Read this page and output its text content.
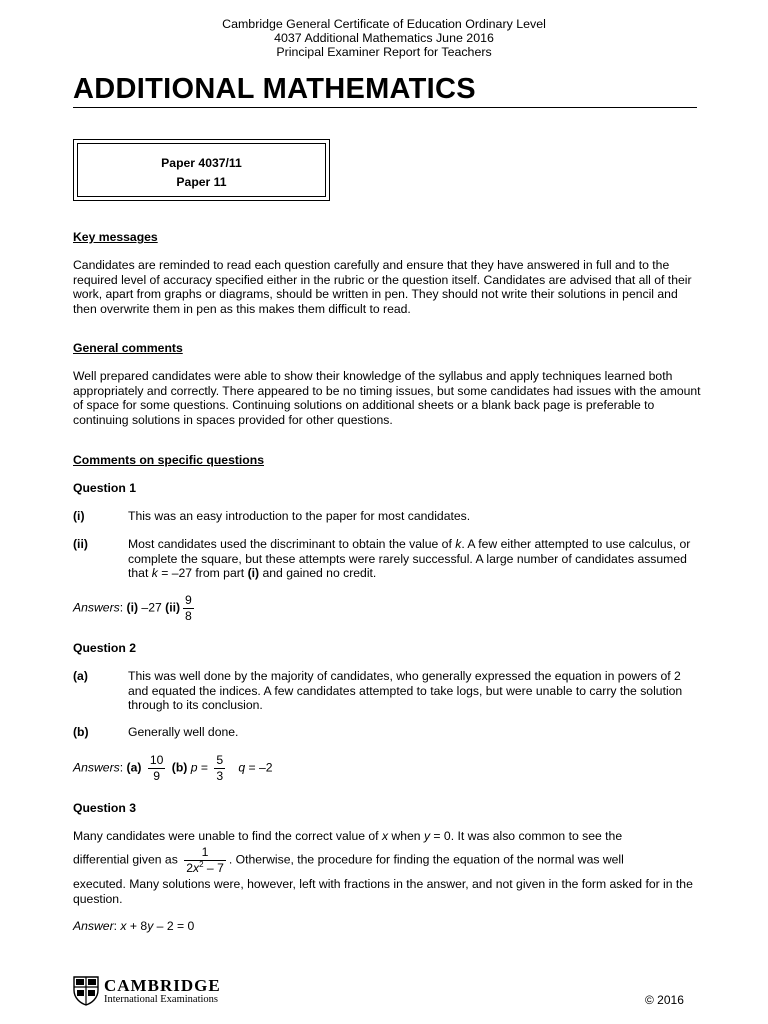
Cambridge General Certificate of Education Ordinary Level
4037 Additional Mathematics June 2016
Principal Examiner Report for Teachers
ADDITIONAL MATHEMATICS
Paper 4037/11
Paper 11
Key messages
Candidates are reminded to read each question carefully and ensure that they have answered in full and to the required level of accuracy specified either in the rubric or the question itself. Candidates are advised that all of their work, apart from graphs or diagrams, should be written in pen. They should not write their solutions in pencil and then overwrite them in pen as this makes them difficult to read.
General comments
Well prepared candidates were able to show their knowledge of the syllabus and apply techniques learned both appropriately and correctly. There appeared to be no timing issues, but some candidates had issues with the amount of space for some questions. Continuing solutions on additional sheets or a blank back page is preferable to continuing solutions in spaces provided for other questions.
Comments on specific questions
Question 1
(i)	This was an easy introduction to the paper for most candidates.
(ii)	Most candidates used the discriminant to obtain the value of k. A few either attempted to use calculus, or complete the square, but these attempts were rarely successful. A large number of candidates assumed that k = –27 from part (i) and gained no credit.
Answers: (i) –27 $(ii) \frac{9}{8}$
Question 2
(a)	This was well done by the majority of candidates, who generally expressed the equation in powers of 2 and equated the indices. A few candidates attempted to take logs, but were unable to carry the solution through to its conclusion.
(b)	Generally well done.
Answers: $(a) \frac{10}{9} (b) p = \frac{5}{3}$ q = –2
Question 3
Many candidates were unable to find the correct value of x when y = 0. It was also common to see the
differential given as $\frac{1}{2x^2 - 7}$ . Otherwise, the procedure for finding the equation of the normal was well
executed. Many solutions were, however, left with fractions in the answer, and not given in the form asked for in the question.
Answer: x + 8y – 2 = 0
CAMBRIDGE
International Examinations	© 2016
